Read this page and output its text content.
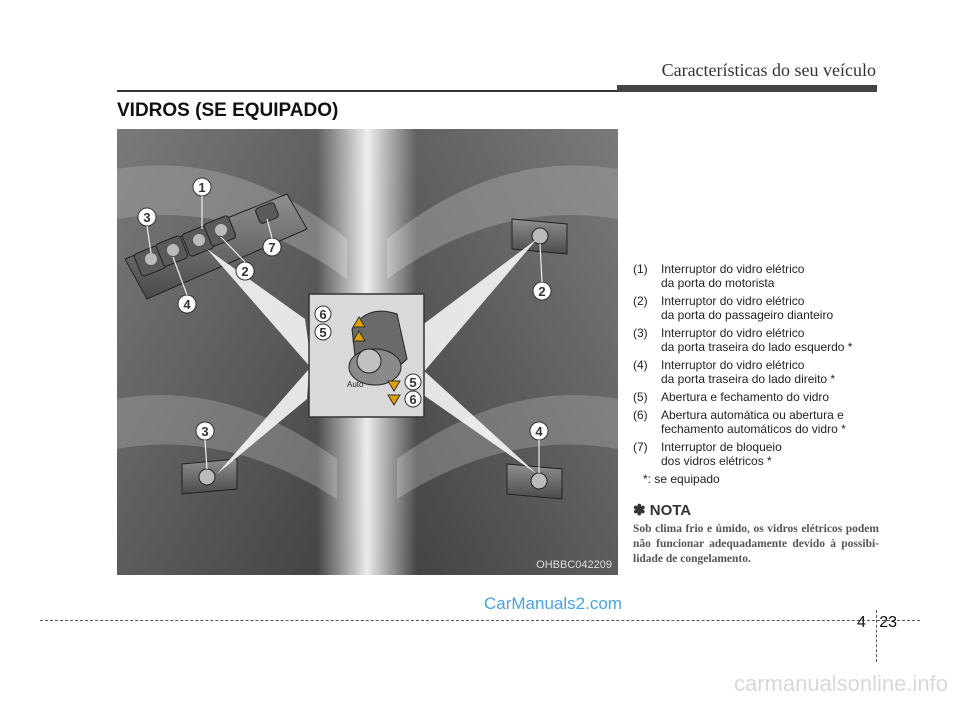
Características do seu veículo
VIDROS (SE EQUIPADO)
Auto
1
3
7
2
4
2
3	4
6
5
5
6
OHBBC042209
(1)	Interruptor do vidro elétrico
da porta do motorista
(2)	Interruptor do vidro elétrico
da porta do passageiro dianteiro
(3)	Interruptor do vidro elétrico
da porta traseira do lado esquerdo *
(4)	Interruptor do vidro elétrico
da porta traseira do lado direito *
(5)	Abertura e fechamento do vidro
(6)	Abertura automática ou abertura e
fechamento automáticos do vidro *
(7)	Interruptor de bloqueio
dos vidros elétricos *
*: se equipado
✽ NOTA
Sob clima frio e úmido, os vidros elétricos podem não funcionar adequadamente devido à possibi-lidade de congelamento.
CarManuals2.com
4 23
carmanualsonline.info
